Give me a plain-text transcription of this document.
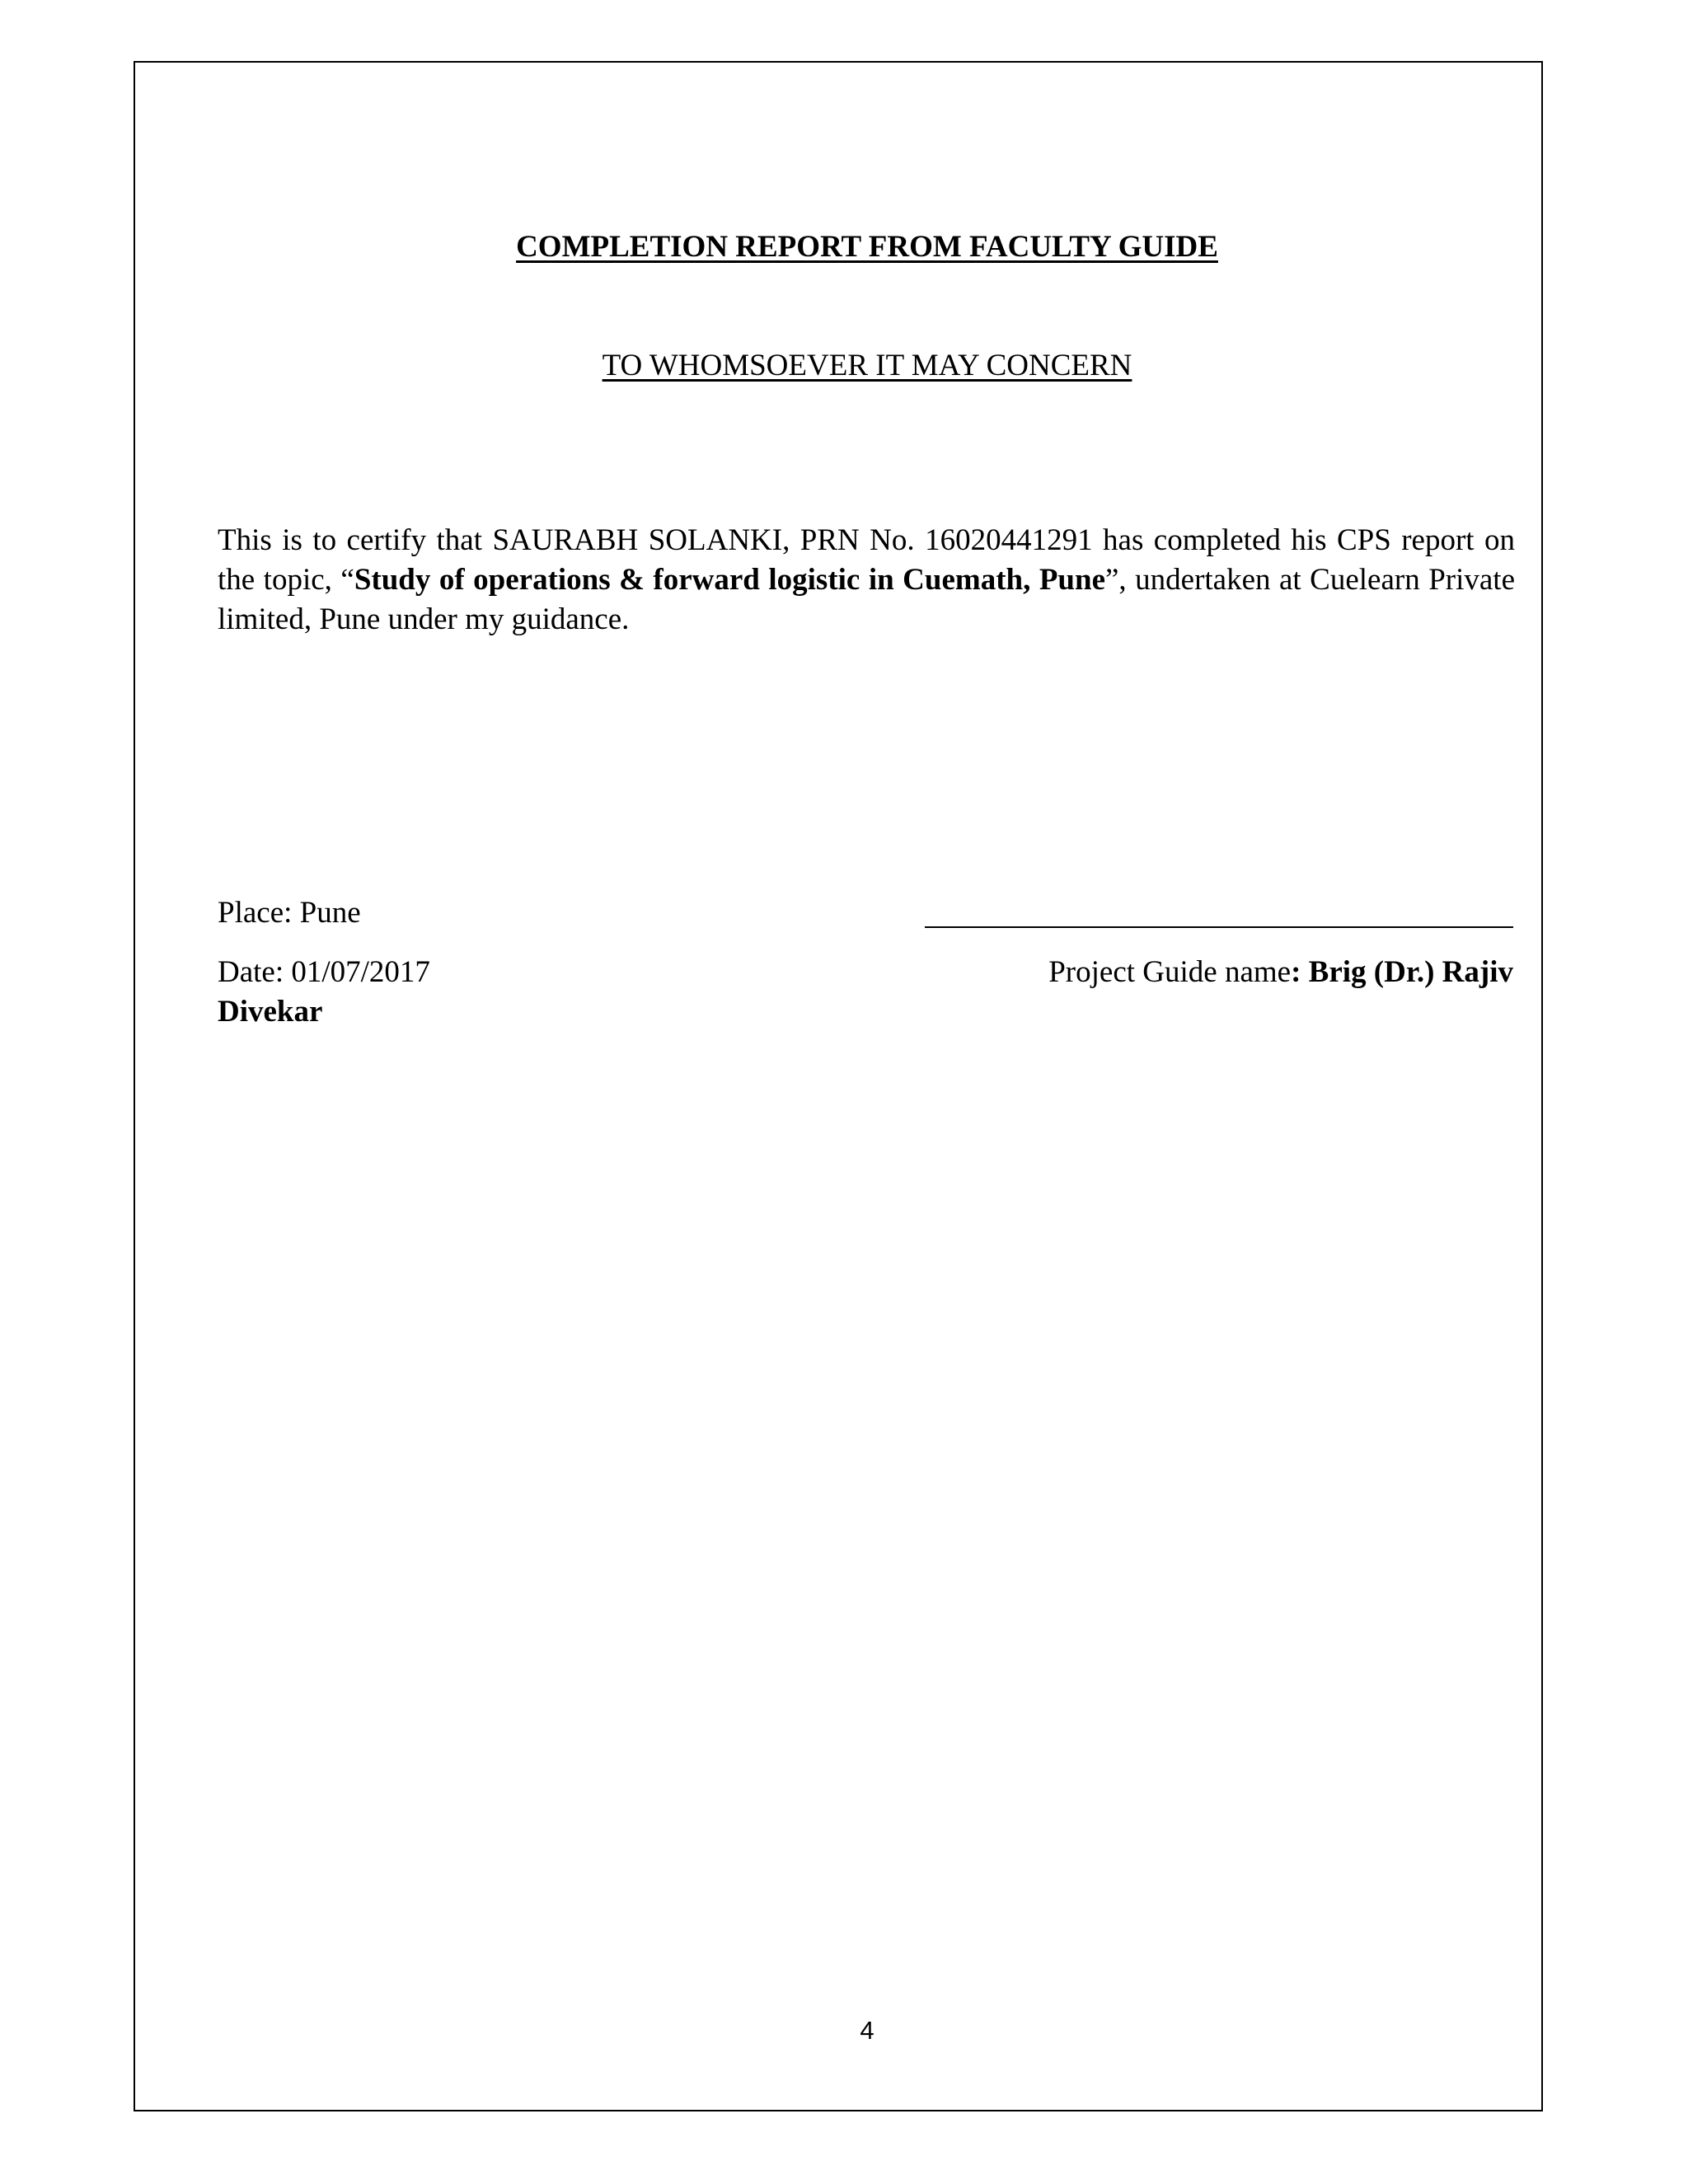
COMPLETION REPORT FROM FACULTY GUIDE
TO WHOMSOEVER IT MAY CONCERN
This is to certify that SAURABH SOLANKI, PRN No. 16020441291 has completed his CPS report on the topic, “Study of operations & forward logistic in Cuemath, Pune”, undertaken at Cuelearn Private limited, Pune under my guidance.
Place: Pune
Date: 01/07/2017	Project Guide name: Brig (Dr.) Rajiv
Divekar
4
